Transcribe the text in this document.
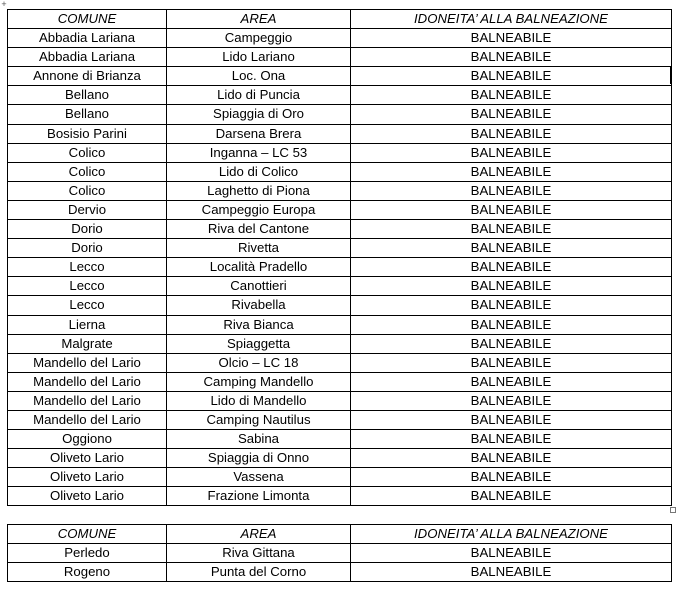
+
COMUNE	AREA	IDONEITA’ ALLA BALNEAZIONE
Abbadia Lariana	Campeggio	BALNEABILE
Abbadia Lariana	Lido Lariano	BALNEABILE
Annone di Brianza	Loc. Ona	BALNEABILE
Bellano	Lido di Puncia	BALNEABILE
Bellano	Spiaggia di Oro	BALNEABILE
Bosisio Parini	Darsena Brera	BALNEABILE
Colico	Inganna – LC 53	BALNEABILE
Colico	Lido di Colico	BALNEABILE
Colico	Laghetto di Piona	BALNEABILE
Dervio	Campeggio Europa	BALNEABILE
Dorio	Riva del Cantone	BALNEABILE
Dorio	Rivetta	BALNEABILE
Lecco	Località Pradello	BALNEABILE
Lecco	Canottieri	BALNEABILE
Lecco	Rivabella	BALNEABILE
Lierna	Riva Bianca	BALNEABILE
Malgrate	Spiaggetta	BALNEABILE
Mandello del Lario	Olcio – LC 18	BALNEABILE
Mandello del Lario	Camping Mandello	BALNEABILE
Mandello del Lario	Lido di Mandello	BALNEABILE
Mandello del Lario	Camping Nautilus	BALNEABILE
Oggiono	Sabina	BALNEABILE
Oliveto Lario	Spiaggia di Onno	BALNEABILE
Oliveto Lario	Vassena	BALNEABILE
Oliveto Lario	Frazione Limonta	BALNEABILE
COMUNE	AREA	IDONEITA’ ALLA BALNEAZIONE
Perledo	Riva Gittana	BALNEABILE
Rogeno	Punta del Corno	BALNEABILE
